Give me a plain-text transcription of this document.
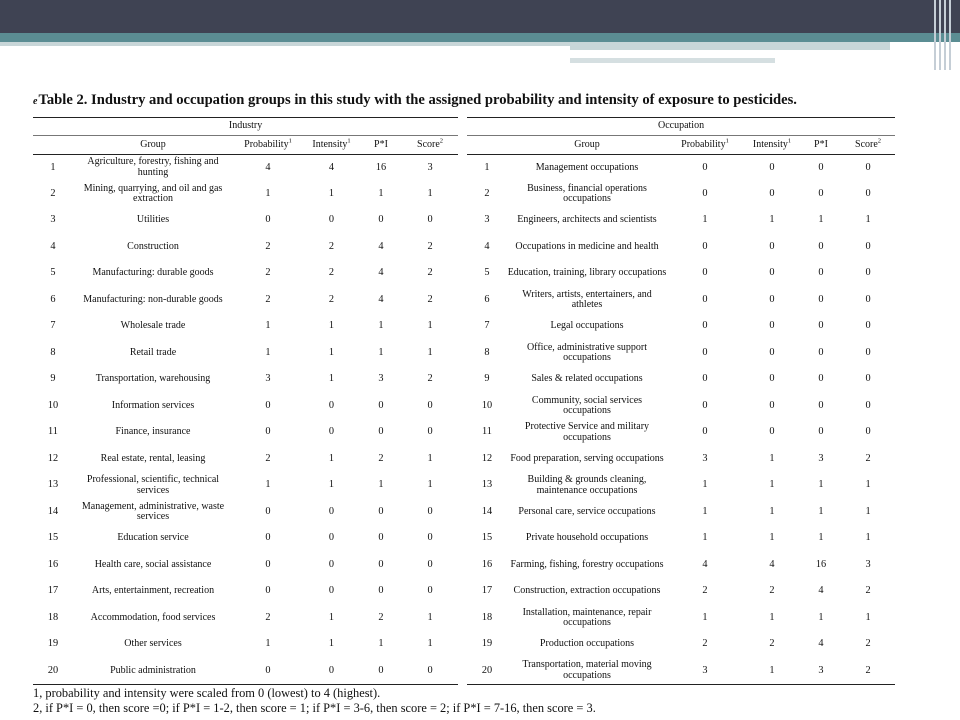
eTable 2. Industry and occupation groups in this study with the assigned probability and intensity of exposure to pesticides.
Industry					
	Group	Probability$^1$	Intensity$^1$	P*I	Score$^2$
1	Agriculture, forestry, fishing and hunting	4	4	16	3
2	Mining, quarrying, and oil and gas extraction	1	1	1	1
3	Utilities	0	0	0	0
4	Construction	2	2	4	2
5	Manufacturing: durable goods	2	2	4	2
6	Manufacturing: non-durable goods	2	2	4	2
7	Wholesale trade	1	1	1	1
8	Retail trade	1	1	1	1
9	Transportation, warehousing	3	1	3	2
10	Information services	0	0	0	0
11	Finance, insurance	0	0	0	0
12	Real estate, rental, leasing	2	1	2	1
13	Professional, scientific, technical services	1	1	1	1
14	Management, administrative, waste services	0	0	0	0
15	Education service	0	0	0	0
16	Health care, social assistance	0	0	0	0
17	Arts, entertainment, recreation	0	0	0	0
18	Accommodation, food services	2	1	2	1
19	Other services	1	1	1	1
20	Public administration	0	0	0	0
Occupation					
	Group	Probability$^1$	Intensity$^1$	P*I	Score$^2$
1	Management occupations	0	0	0	0
2	Business, financial operations occupations	0	0	0	0
3	Engineers, architects and scientists	1	1	1	1
4	Occupations in medicine and health	0	0	0	0
5	Education, training, library occupations	0	0	0	0
6	Writers, artists, entertainers, and athletes	0	0	0	0
7	Legal occupations	0	0	0	0
8	Office, administrative support occupations	0	0	0	0
9	Sales & related occupations	0	0	0	0
10	Community, social services occupations	0	0	0	0
11	Protective Service and military occupations	0	0	0	0
12	Food preparation, serving occupations	3	1	3	2
13	Building & grounds cleaning, maintenance occupations	1	1	1	1
14	Personal care, service occupations	1	1	1	1
15	Private household occupations	1	1	1	1
16	Farming, fishing, forestry occupations	4	4	16	3
17	Construction, extraction occupations	2	2	4	2
18	Installation, maintenance, repair occupations	1	1	1	1
19	Production occupations	2	2	4	2
20	Transportation, material moving occupations	3	1	3	2
1, probability and intensity were scaled from 0 (lowest) to 4 (highest).
2, if P*I = 0, then score =0; if P*I = 1-2, then score = 1; if P*I = 3-6, then score = 2; if P*I = 7-16, then score = 3.
